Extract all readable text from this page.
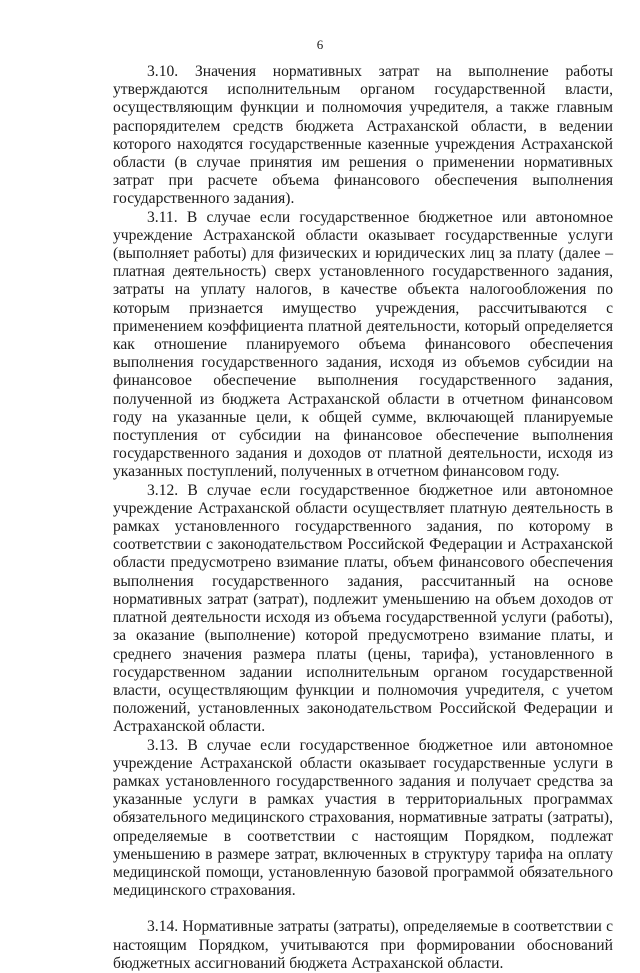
6

3.10. Значения нормативных затрат на выполнение работы утверждаются исполнительным органом государственной власти, осуществляющим функции и полномочия учредителя, а также главным распорядителем средств бюджета Астраханской области, в ведении которого находятся государственные казенные учреждения Астраханской области (в случае принятия им решения о применении нормативных затрат при расчете объема финансового обеспечения выполнения государственного задания).

3.11. В случае если государственное бюджетное или автономное учреждение Астраханской области оказывает государственные услуги (выполняет работы) для физических и юридических лиц за плату (далее – платная деятельность) сверх установленного государственного задания, затраты на уплату налогов, в качестве объекта налогообложения по которым признается имущество учреждения, рассчитываются с применением коэффициента платной деятельности, который определяется как отношение планируемого объема финансового обеспечения выполнения государственного задания, исходя из объемов субсидии на финансовое обеспечение выполнения государственного задания, полученной из бюджета Астраханской области в отчетном финансовом году на указанные цели, к общей сумме, включающей планируемые поступления от субсидии на финансовое обеспечение выполнения государственного задания и доходов от платной деятельности, исходя из указанных поступлений, полученных в отчетном финансовом году.

3.12. В случае если государственное бюджетное или автономное учреждение Астраханской области осуществляет платную деятельность в рамках установленного государственного задания, по которому в соответствии с законодательством Российской Федерации и Астраханской области предусмотрено взимание платы, объем финансового обеспечения выполнения государственного задания, рассчитанный на основе нормативных затрат (затрат), подлежит уменьшению на объем доходов от платной деятельности исходя из объема государственной услуги (работы), за оказание (выполнение) которой предусмотрено взимание платы, и среднего значения размера платы (цены, тарифа), установленного в государственном задании исполнительным органом государственной власти, осуществляющим функции и полномочия учредителя, с учетом положений, установленных законодательством Российской Федерации и Астраханской области.

3.13. В случае если государственное бюджетное или автономное учреждение Астраханской области оказывает государственные услуги в рамках установленного государственного задания и получает средства за указанные услуги в рамках участия в территориальных программах обязательного медицинского страхования, нормативные затраты (затраты), определяемые в соответствии с настоящим Порядком, подлежат уменьшению в размере затрат, включенных в структуру тарифа на оплату медицинской помощи, установленную базовой программой обязательного медицинского страхования.

3.14. Нормативные затраты (затраты), определяемые в соответствии с настоящим Порядком, учитываются при формировании обоснований бюджетных ассигнований бюджета Астраханской области.
